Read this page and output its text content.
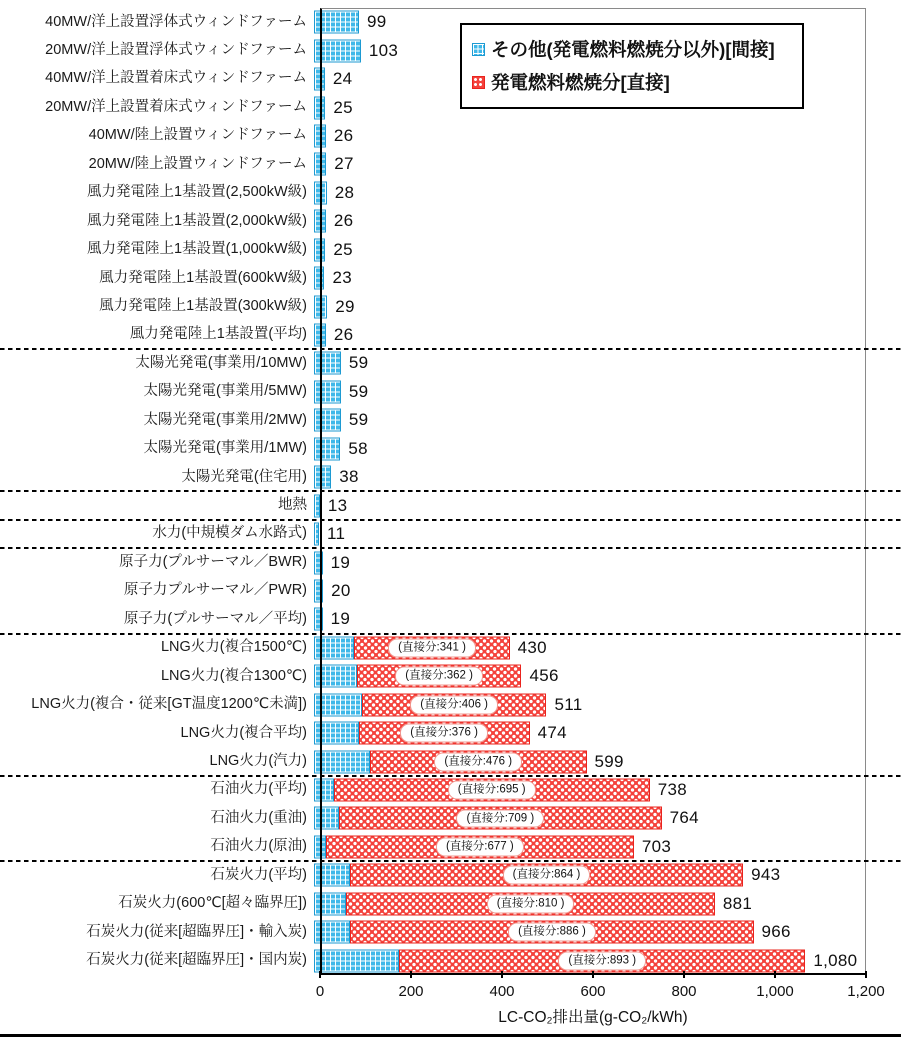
40MW/洋上設置浮体式ウィンドファーム	99
20MW/洋上設置浮体式ウィンドファーム	103
40MW/洋上設置着床式ウィンドファーム	24
20MW/洋上設置着床式ウィンドファーム	25
40MW/陸上設置ウィンドファーム	26
20MW/陸上設置ウィンドファーム	27
風力発電陸上1基設置(2,500kW級)	28
風力発電陸上1基設置(2,000kW級)	26
風力発電陸上1基設置(1,000kW級)	25
風力発電陸上1基設置(600kW級)	23
風力発電陸上1基設置(300kW級)	29
風力発電陸上1基設置(平均)	26
太陽光発電(事業用/10MW)	59
太陽光発電(事業用/5MW)	59
太陽光発電(事業用/2MW)	59
太陽光発電(事業用/1MW)	58
太陽光発電(住宅用)	38
地熱	13
水力(中規模ダム水路式)	11
原子力(プルサーマル／BWR)	19
原子力プルサーマル／PWR)	20
原子力(プルサーマル／平均)	19
LNG火力(複合1500℃)	(直接分:341 )	430
LNG火力(複合1300℃)	(直接分:362 )	456
LNG火力(複合・従来[GT温度1200℃未満])	(直接分:406 )	511
LNG火力(複合平均)	(直接分:376 )	474
LNG火力(汽力)	(直接分:476 )	599
石油火力(平均)	(直接分:695 )	738
石油火力(重油)	(直接分:709 )	764
石油火力(原油)	(直接分:677 )	703
石炭火力(平均)	(直接分:864 )	943
石炭火力(600℃[超々臨界圧])	(直接分:810 )	881
石炭火力(従来[超臨界圧]・輸入炭)	(直接分:886 )	966
石炭火力(従来[超臨界圧]・国内炭)	(直接分:893 )	1,080
0	200	400	600	800	1,000	1,200
LC-CO₂排出量(g-CO₂/kWh)
その他(発電燃料燃焼分以外)[間接]
発電燃料燃焼分[直接]
